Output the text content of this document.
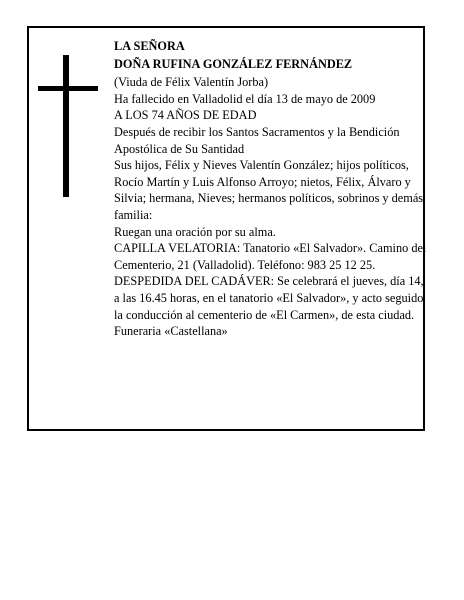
LA SEÑORA

DOÑA RUFINA GONZÁLEZ FERNÁNDEZ

(Viuda de Félix Valentín Jorba)

Ha fallecido en Valladolid el día 13 de mayo de 2009

A LOS 74 AÑOS DE EDAD

Después de recibir los Santos Sacramentos y la Bendición Apostólica de Su Santidad

Sus hijos, Félix y Nieves Valentín González; hijos políticos, Rocío Martín y Luis Alfonso Arroyo; nietos, Félix, Álvaro y Silvia; hermana, Nieves; hermanos políticos, sobrinos y demás familia:

Ruegan una oración por su alma.

CAPILLA VELATORIA: Tanatorio «El Salvador». Camino del Cementerio, 21 (Valladolid). Teléfono: 983 25 12 25.

DESPEDIDA DEL CADÁVER: Se celebrará el jueves, día 14, a las 16.45 horas, en el tanatorio «El Salvador», y acto seguido la conducción al cementerio de «El Carmen», de esta ciudad.

Funeraria «Castellana»
